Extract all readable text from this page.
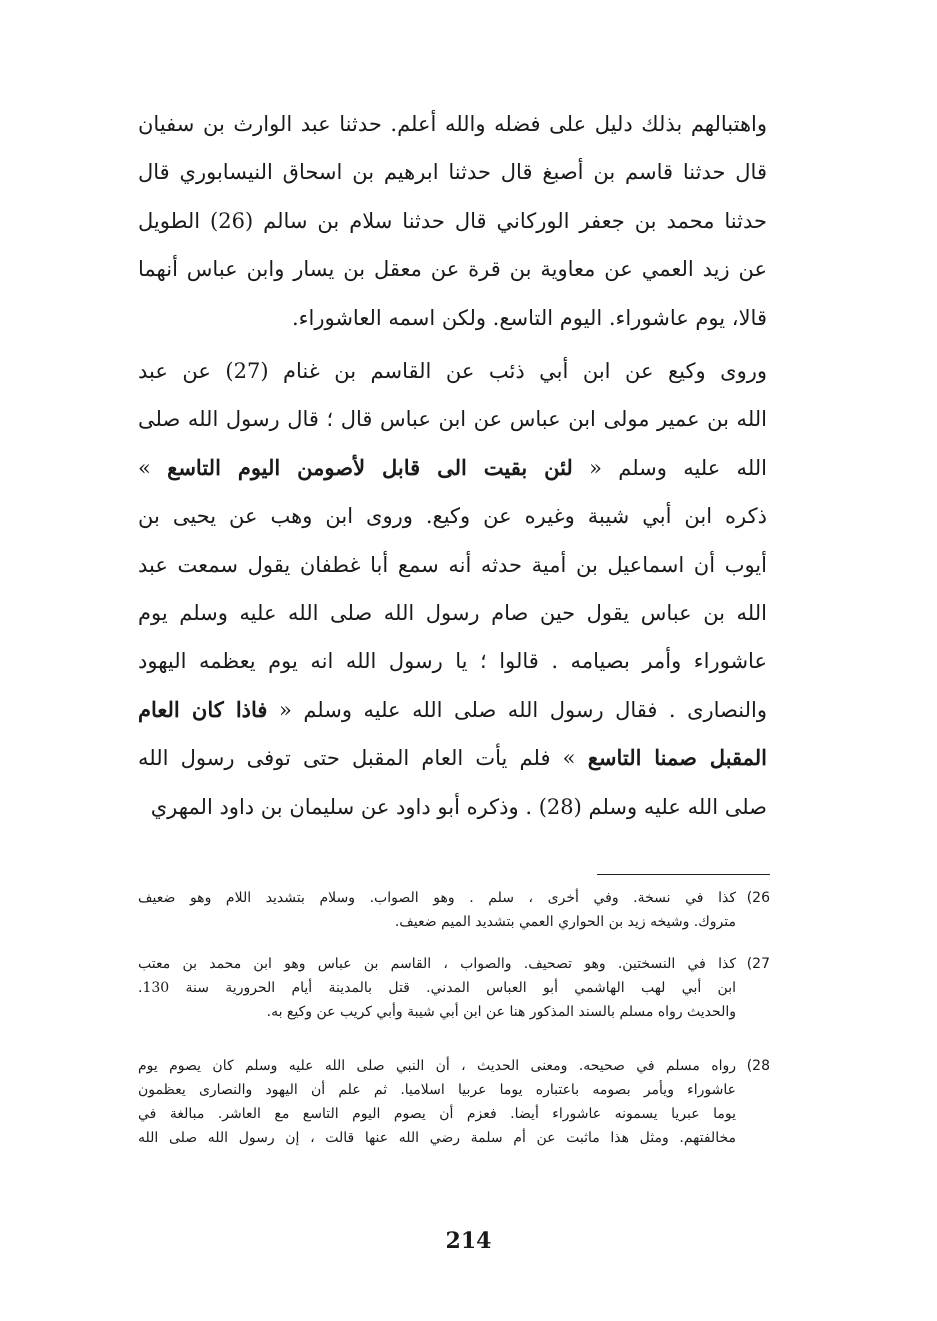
واهتبالهم بذلك دليل على فضله والله أعلم. حدثنا عبد الوارث بن سفيان
قال حدثنا قاسم بن أصبغ قال حدثنا ابرهيم بن اسحاق النيسابوري قال
حدثنا محمد بن جعفر الوركاني قال حدثنا سلام بن سالم (26) الطويل
عن زيد العمي عن معاوية بن قرة عن معقل بن يسار وابن عباس أنهما
قالا، يوم عاشوراء. اليوم التاسع. ولكن اسمه العاشوراء.
وروى وكيع عن ابن أبي ذئب عن القاسم بن غنام (27) عن عبد
الله بن عمير مولى ابن عباس عن ابن عباس قال ؛ قال رسول الله صلى
الله عليه وسلم « لئن بقيت الى قابل لأصومن اليوم التاسع »
ذكره ابن أبي شيبة وغيره عن وكيع. وروى ابن وهب عن يحيى بن
أيوب أن اسماعيل بن أمية حدثه أنه سمع أبا غطفان يقول سمعت عبد
الله بن عباس يقول حين صام رسول الله صلى الله عليه وسلم يوم
عاشوراء وأمر بصيامه . قالوا ؛ يا رسول الله انه يوم يعظمه اليهود
والنصارى . فقال رسول الله صلى الله عليه وسلم « فاذا كان العام
المقبل صمنا التاسع » فلم يأت العام المقبل حتى توفى رسول الله
صلى الله عليه وسلم (28) . وذكره أبو داود عن سليمان بن داود المهري
26)
كذا في نسخة. وفي أخرى ، سلم . وهو الصواب. وسلام بتشديد اللام وهو ضعيف
متروك. وشيخه زيد بن الحواري العمي بتشديد الميم ضعيف.
27)
كذا في النسختين. وهو تصحيف. والصواب ، القاسم بن عباس وهو ابن محمد بن معتب
ابن أبي لهب الهاشمي أبو العباس المدني. قتل بالمدينة أيام الحرورية سنة 130.
والحديث رواه مسلم بالسند المذكور هنا عن ابن أبي شيبة وأبي كريب عن وكيع به.
28)
رواه مسلم في صحيحه. ومعنى الحديث ، أن النبي صلى الله عليه وسلم كان يصوم يوم
عاشوراء ويأمر بصومه باعتباره يوما عربيا اسلاميا. ثم علم أن اليهود والنصارى يعظمون
يوما عبريا يسمونه عاشوراء أيضا. فعزم أن يصوم اليوم التاسع مع العاشر. مبالغة في
مخالفتهم. ومثل هذا ماثبت عن أم سلمة رضي الله عنها قالت ، إن رسول الله صلى الله
214
